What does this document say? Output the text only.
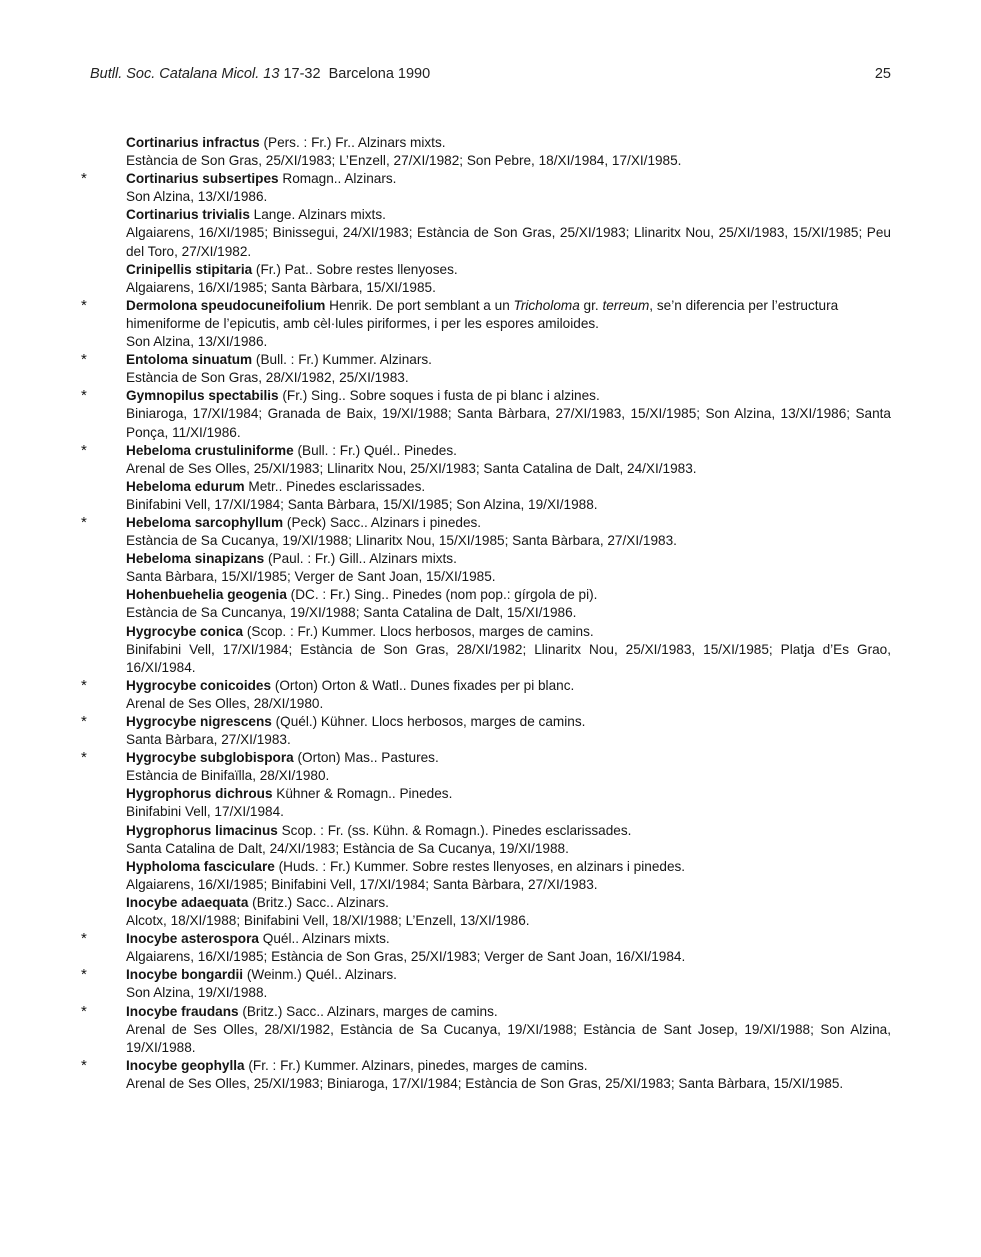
Butll. Soc. Catalana Micol. 13 17-32  Barcelona 1990	25
Cortinarius infractus (Pers. : Fr.) Fr.. Alzinars mixts.
Estància de Son Gras, 25/XI/1983; L’Enzell, 27/XI/1982; Son Pebre, 18/XI/1984, 17/XI/1985.
*	Cortinarius subsertipes Romagn.. Alzinars.
Son Alzina, 13/XI/1986.
Cortinarius trivialis Lange. Alzinars mixts.
Algaiarens, 16/XI/1985; Binissegui, 24/XI/1983; Estància de Son Gras, 25/XI/1983; Llinaritx Nou, 25/XI/1983, 15/XI/1985; Peu del Toro, 27/XI/1982.
Crinipellis stipitaria (Fr.) Pat.. Sobre restes llenyoses.
Algaiarens, 16/XI/1985; Santa Bàrbara, 15/XI/1985.
*	Dermolona speudocuneifolium Henrik. De port semblant a un Tricholoma gr. terreum, se’n diferencia per l’estructura himeniforme de l’epicutis, amb cèl·lules piriformes, i per les espores amiloides.
Son Alzina, 13/XI/1986.
*	Entoloma sinuatum (Bull. : Fr.) Kummer. Alzinars.
Estància de Son Gras, 28/XI/1982, 25/XI/1983.
*	Gymnopilus spectabilis (Fr.) Sing.. Sobre soques i fusta de pi blanc i alzines.
Biniaroga, 17/XI/1984; Granada de Baix, 19/XI/1988; Santa Bàrbara, 27/XI/1983, 15/XI/1985; Son Alzina, 13/XI/1986; Santa Ponça, 11/XI/1986.
*	Hebeloma crustuliniforme (Bull. : Fr.) Quél.. Pinedes.
Arenal de Ses Olles, 25/XI/1983; Llinaritx Nou, 25/XI/1983; Santa Catalina de Dalt, 24/XI/1983.
Hebeloma edurum Metr.. Pinedes esclarissades.
Binifabini Vell, 17/XI/1984; Santa Bàrbara, 15/XI/1985; Son Alzina, 19/XI/1988.
*	Hebeloma sarcophyllum (Peck) Sacc.. Alzinars i pinedes.
Estància de Sa Cucanya, 19/XI/1988; Llinaritx Nou, 15/XI/1985; Santa Bàrbara, 27/XI/1983.
Hebeloma sinapizans (Paul. : Fr.) Gill.. Alzinars mixts.
Santa Bàrbara, 15/XI/1985; Verger de Sant Joan, 15/XI/1985.
Hohenbuehelia geogenia (DC. : Fr.) Sing.. Pinedes (nom pop.: gírgola de pi).
Estància de Sa Cuncanya, 19/XI/1988; Santa Catalina de Dalt, 15/XI/1986.
Hygrocybe conica (Scop. : Fr.) Kummer. Llocs herbosos, marges de camins.
Binifabini Vell, 17/XI/1984; Estància de Son Gras, 28/XI/1982; Llinaritx Nou, 25/XI/1983, 15/XI/1985; Platja d’Es Grao, 16/XI/1984.
*	Hygrocybe conicoides (Orton) Orton & Watl.. Dunes fixades per pi blanc.
Arenal de Ses Olles, 28/XI/1980.
*	Hygrocybe nigrescens (Quél.) Kühner. Llocs herbosos, marges de camins.
Santa Bàrbara, 27/XI/1983.
*	Hygrocybe subglobispora (Orton) Mas.. Pastures.
Estància de Binifaïlla, 28/XI/1980.
Hygrophorus dichrous Kühner & Romagn.. Pinedes.
Binifabini Vell, 17/XI/1984.
Hygrophorus limacinus Scop. : Fr. (ss. Kühn. & Romagn.). Pinedes esclarissades.
Santa Catalina de Dalt, 24/XI/1983; Estància de Sa Cucanya, 19/XI/1988.
Hypholoma fasciculare (Huds. : Fr.) Kummer. Sobre restes llenyoses, en alzinars i pinedes.
Algaiarens, 16/XI/1985; Binifabini Vell, 17/XI/1984; Santa Bàrbara, 27/XI/1983.
Inocybe adaequata (Britz.) Sacc.. Alzinars.
Alcotx, 18/XI/1988; Binifabini Vell, 18/XI/1988; L’Enzell, 13/XI/1986.
*	Inocybe asterospora Quél.. Alzinars mixts.
Algaiarens, 16/XI/1985; Estància de Son Gras, 25/XI/1983; Verger de Sant Joan, 16/XI/1984.
*	Inocybe bongardii (Weinm.) Quél.. Alzinars.
Son Alzina, 19/XI/1988.
*	Inocybe fraudans (Britz.) Sacc.. Alzinars, marges de camins.
Arenal de Ses Olles, 28/XI/1982, Estància de Sa Cucanya, 19/XI/1988; Estància de Sant Josep, 19/XI/1988; Son Alzina, 19/XI/1988.
*	Inocybe geophylla (Fr. : Fr.) Kummer. Alzinars, pinedes, marges de camins.
Arenal de Ses Olles, 25/XI/1983; Biniaroga, 17/XI/1984; Estància de Son Gras, 25/XI/1983; Santa Bàrbara, 15/XI/1985.
